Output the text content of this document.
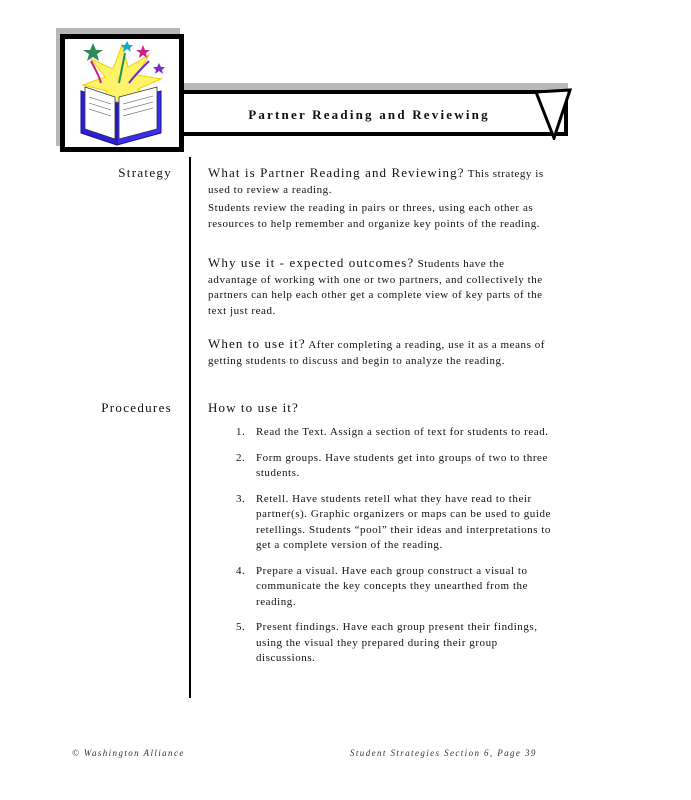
Partner Reading and Reviewing
Strategy
Procedures

What is Partner Reading and Reviewing? This strategy is used to review a reading.

Students review the reading in pairs or threes, using each other as resources to help remember and organize key points of the reading.

Why use it - expected outcomes? Students have the advantage of working with one or two partners, and collectively the partners can help each other get a complete view of key parts of the text just read.

When to use it? After completing a reading, use it as a means of getting students to discuss and begin to analyze the reading.

How to use it?
1. Read the Text. Assign a section of text for students to read.
2. Form groups. Have students get into groups of two to three students.
3. Retell. Have students retell what they have read to their partner(s). Graphic organizers or maps can be used to guide retellings. Students “pool” their ideas and interpretations to get a complete version of the reading.
4. Prepare a visual. Have each group construct a visual to communicate the key concepts they unearthed from the reading.
5. Present findings. Have each group present their findings, using the visual they prepared during their group discussions.
© Washington Alliance	Student Strategies Section 6, Page 39
